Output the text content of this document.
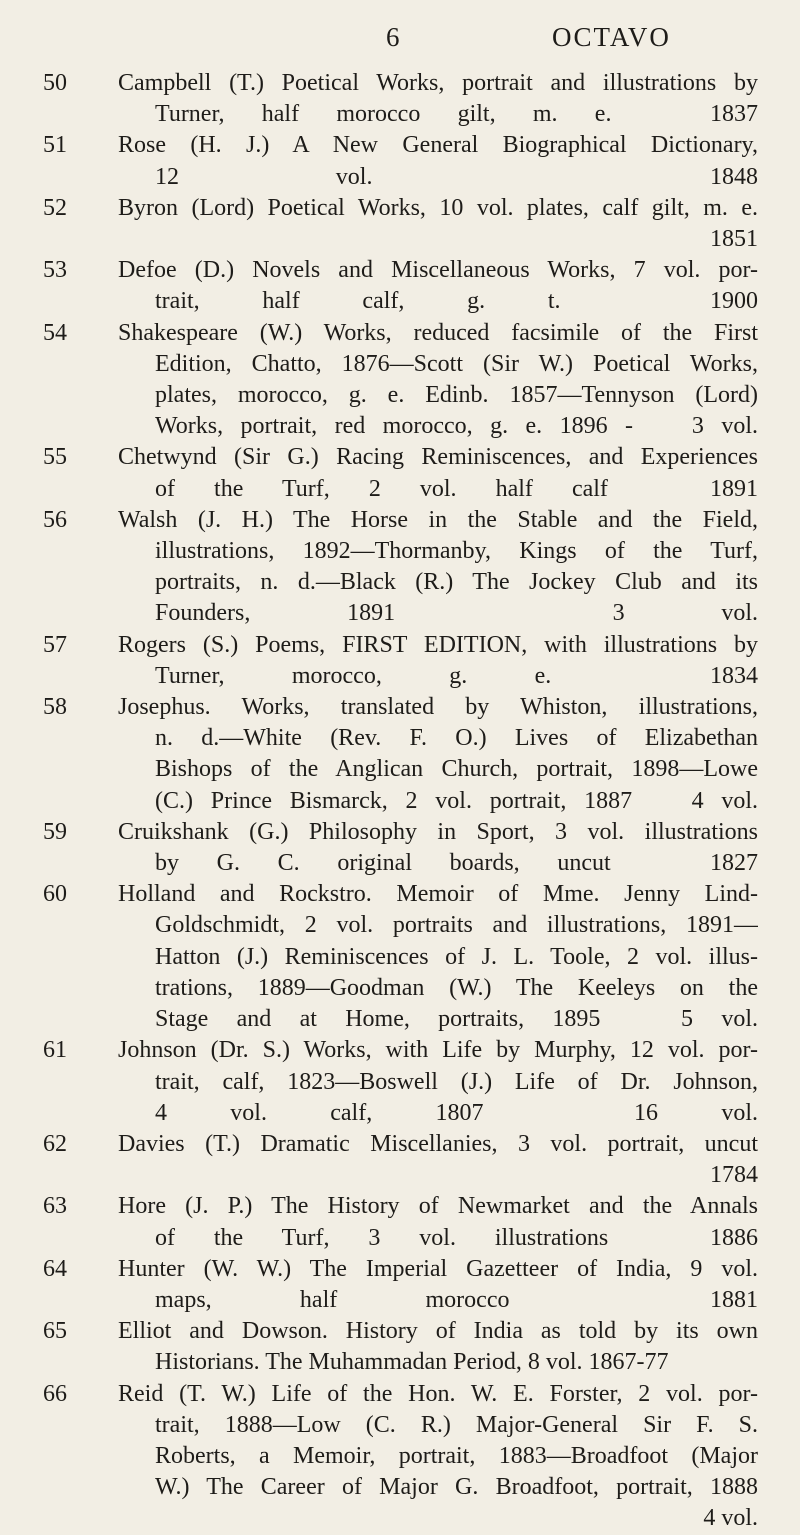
6	OCTAVO
50 Campbell (T.) Poetical Works, portrait and illustrations by
Turner, half morocco gilt, m. e.   1837
51 Rose (H. J.) A New General Biographical Dictionary,
12 vol.   1848
52 Byron (Lord) Poetical Works, 10 vol. plates, calf gilt, m. e.
1851
53 Defoe (D.) Novels and Miscellaneous Works, 7 vol. por-
trait, half calf, g. t.   1900
54 Shakespeare (W.) Works, reduced facsimile of the First
Edition, Chatto, 1876—Scott (Sir W.) Poetical Works,
plates, morocco, g. e. Edinb. 1857—Tennyson (Lord)
Works, portrait, red morocco, g. e. 1896 -   3 vol.
55 Chetwynd (Sir G.) Racing Reminiscences, and Experiences
of the Turf, 2 vol. half calf   1891
56 Walsh (J. H.) The Horse in the Stable and the Field,
illustrations, 1892—Thormanby, Kings of the Turf,
portraits, n. d.—Black (R.) The Jockey Club and its
Founders, 1891   3 vol.
57 Rogers (S.) Poems, FIRST EDITION, with illustrations by
Turner, morocco, g. e.   1834
58 Josephus. Works, translated by Whiston, illustrations,
n. d.—White (Rev. F. O.) Lives of Elizabethan
Bishops of the Anglican Church, portrait, 1898—Lowe
(C.) Prince Bismarck, 2 vol. portrait, 1887   4 vol.
59 Cruikshank (G.) Philosophy in Sport, 3 vol. illustrations
by G. C. original boards, uncut   1827
60 Holland and Rockstro. Memoir of Mme. Jenny Lind-
Goldschmidt, 2 vol. portraits and illustrations, 1891—
Hatton (J.) Reminiscences of J. L. Toole, 2 vol. illus-
trations, 1889—Goodman (W.) The Keeleys on the
Stage and at Home, portraits, 1895   5 vol.
61 Johnson (Dr. S.) Works, with Life by Murphy, 12 vol. por-
trait, calf, 1823—Boswell (J.) Life of Dr. Johnson,
4 vol. calf, 1807   16 vol.
62 Davies (T.) Dramatic Miscellanies, 3 vol. portrait, uncut
1784
63 Hore (J. P.) The History of Newmarket and the Annals
of the Turf, 3 vol. illustrations   1886
64 Hunter (W. W.) The Imperial Gazetteer of India, 9 vol.
maps, half morocco   1881
65 Elliot and Dowson. History of India as told by its own
Historians. The Muhammadan Period, 8 vol. 1867-77
66 Reid (T. W.) Life of the Hon. W. E. Forster, 2 vol. por-
trait, 1888—Low (C. R.) Major-General Sir F. S.
Roberts, a Memoir, portrait, 1883—Broadfoot (Major
W.) The Career of Major G. Broadfoot, portrait, 1888
4 vol.
